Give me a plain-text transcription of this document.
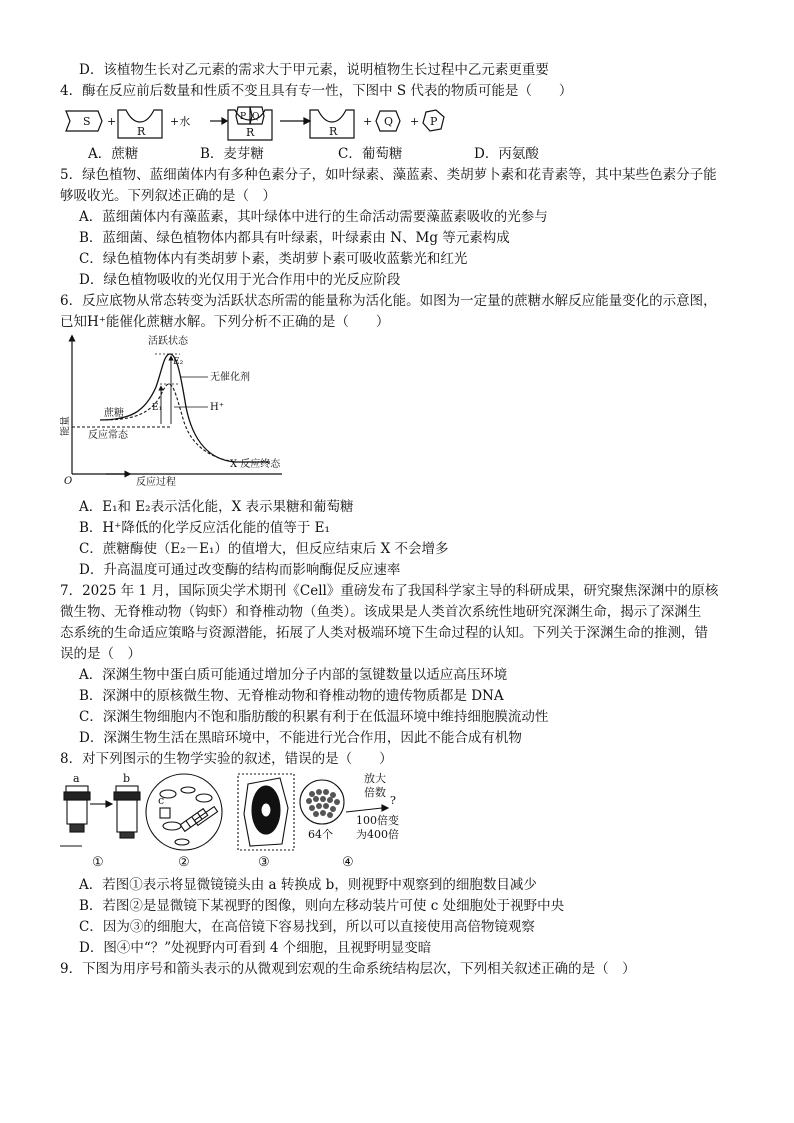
D．该植物生长对乙元素的需求大于甲元素，说明植物生长过程中乙元素更重要
4．酶在反应前后数量和性质不变且具有专一性，下图中 S 代表的物质可能是（　　）
S +
R
+水	P Q
R	R
+ Q + P
A．蔗糖	B．麦芽糖	C．葡萄糖	D．丙氨酸
5．绿色植物、蓝细菌体内有多种色素分子，如叶绿素、藻蓝素、类胡萝卜素和花青素等，其中某些色素分子能
够吸收光。下列叙述正确的是（　）
A．蓝细菌体内有藻蓝素，其叶绿体中进行的生命活动需要藻蓝素吸收的光参与
B．蓝细菌、绿色植物体内都具有叶绿素，叶绿素由 N、Mg 等元素构成
C．绿色植物体内有类胡萝卜素，类胡萝卜素可吸收蓝紫光和红光
D．绿色植物吸收的光仅用于光合作用中的光反应阶段
6．反应底物从常态转变为活跃状态所需的能量称为活化能。如图为一定量的蔗糖水解反应能量变化的示意图，
已知H⁺能催化蔗糖水解。下列分析不正确的是（　　）
活跃状态
无催化剂
H⁺
蔗糖
反应常态
X 反应终态
E₂
E₁
反应过程
O
能量
A．E₁和 E₂表示活化能，X 表示果糖和葡萄糖
B．H⁺降低的化学反应活化能的值等于 E₁
C．蔗糖酶使（E₂－E₁）的值增大，但反应结束后 X 不会增多
D．升高温度可通过改变酶的结构而影响酶促反应速率
7．2025 年 1 月，国际顶尖学术期刊《Cell》重磅发布了我国科学家主导的科研成果，研究聚焦深渊中的原核
微生物、无脊椎动物（钩虾）和脊椎动物（鱼类）。该成果是人类首次系统性地研究深渊生命，揭示了深渊生
态系统的生命适应策略与资源潜能，拓展了人类对极端环境下生命过程的认知。下列关于深渊生命的推测，错
误的是（　）
A．深渊生物中蛋白质可能通过增加分子内部的氢键数量以适应高压环境
B．深渊中的原核微生物、无脊椎动物和脊椎动物的遗传物质都是 DNA
C．深渊生物细胞内不饱和脂肪酸的积累有利于在低温环境中维持细胞膜流动性
D．深渊生物生活在黑暗环境中，不能进行光合作用，因此不能合成有机物
8．对下列图示的生物学实验的叙述，错误的是（　　）
a	b
c
放大
倍数
100倍变
为400倍
?
64个
①	②	③	④
A．若图①表示将显微镜镜头由 a 转换成 b，则视野中观察到的细胞数目减少
B．若图②是显微镜下某视野的图像，则向左移动装片可使 c 处细胞处于视野中央
C．因为③的细胞大，在高倍镜下容易找到，所以可以直接使用高倍物镜观察
D．图④中“？”处视野内可看到 4 个细胞，且视野明显变暗
9．下图为用序号和箭头表示的从微观到宏观的生命系统结构层次，下列相关叙述正确的是（　）
